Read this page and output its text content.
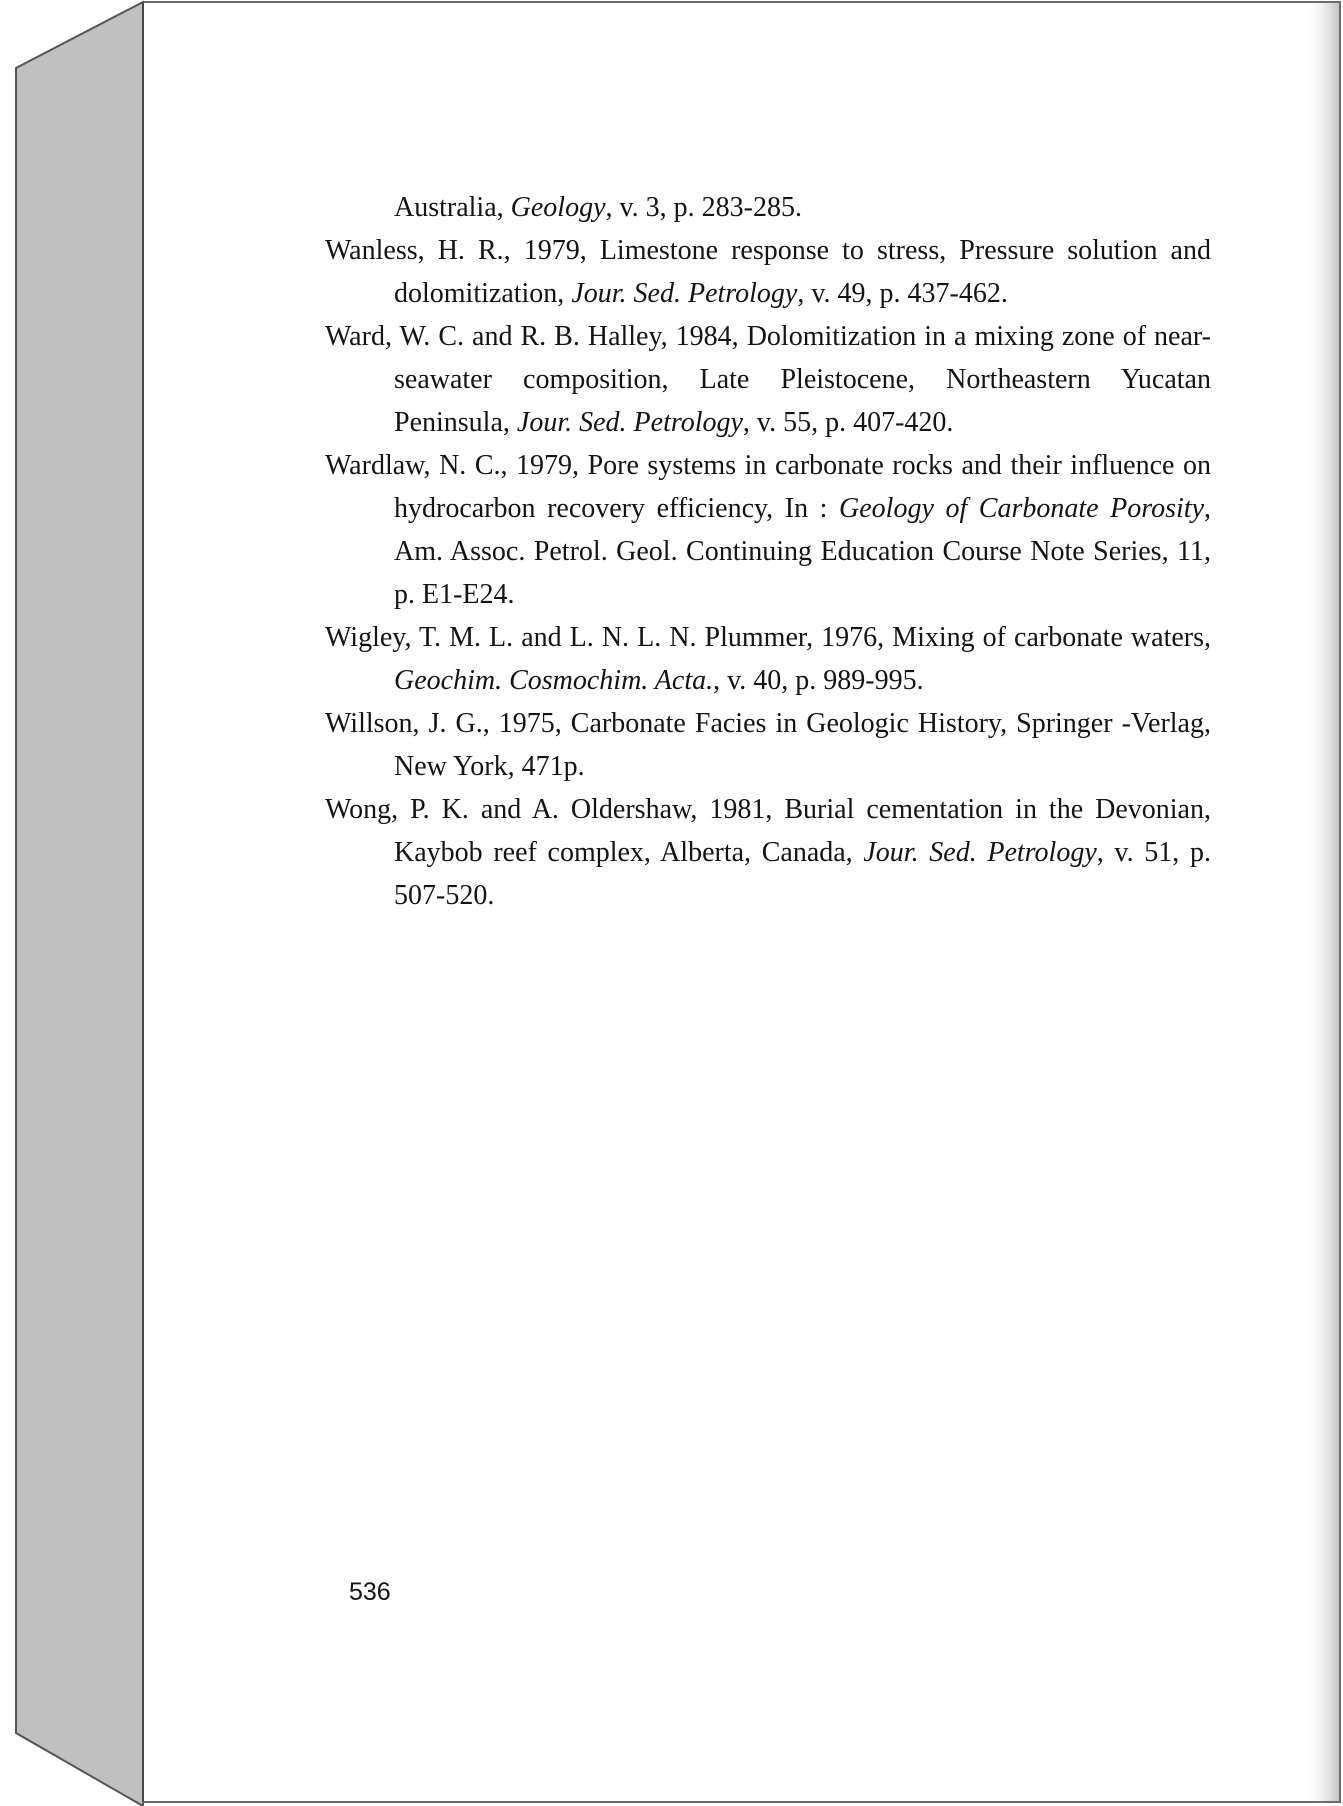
Australia, Geology, v. 3, p. 283-285.
Wanless, H. R., 1979, Limestone response to stress, Pressure solution and dolomitization, Jour. Sed. Petrology, v. 49, p. 437-462.
Ward, W. C. and R. B. Halley, 1984, Dolomitization in a mixing zone of near-seawater composition, Late Pleistocene, Northeastern Yucatan Peninsula, Jour. Sed. Petrology, v. 55, p. 407-420.
Wardlaw, N. C., 1979, Pore systems in carbonate rocks and their influence on hydrocarbon recovery efficiency, In : Geology of Carbonate Porosity, Am. Assoc. Petrol. Geol. Continuing Education Course Note Series, 11, p. E1-E24.
Wigley, T. M. L. and L. N. L. N. Plummer, 1976, Mixing of carbonate waters, Geochim. Cosmochim. Acta., v. 40, p. 989-995.
Willson, J. G., 1975, Carbonate Facies in Geologic History, Springer -Verlag, New York, 471p.
Wong, P. K. and A. Oldershaw, 1981, Burial cementation in the Devonian, Kaybob reef complex, Alberta, Canada, Jour. Sed. Petrology, v. 51, p. 507-520.
536
